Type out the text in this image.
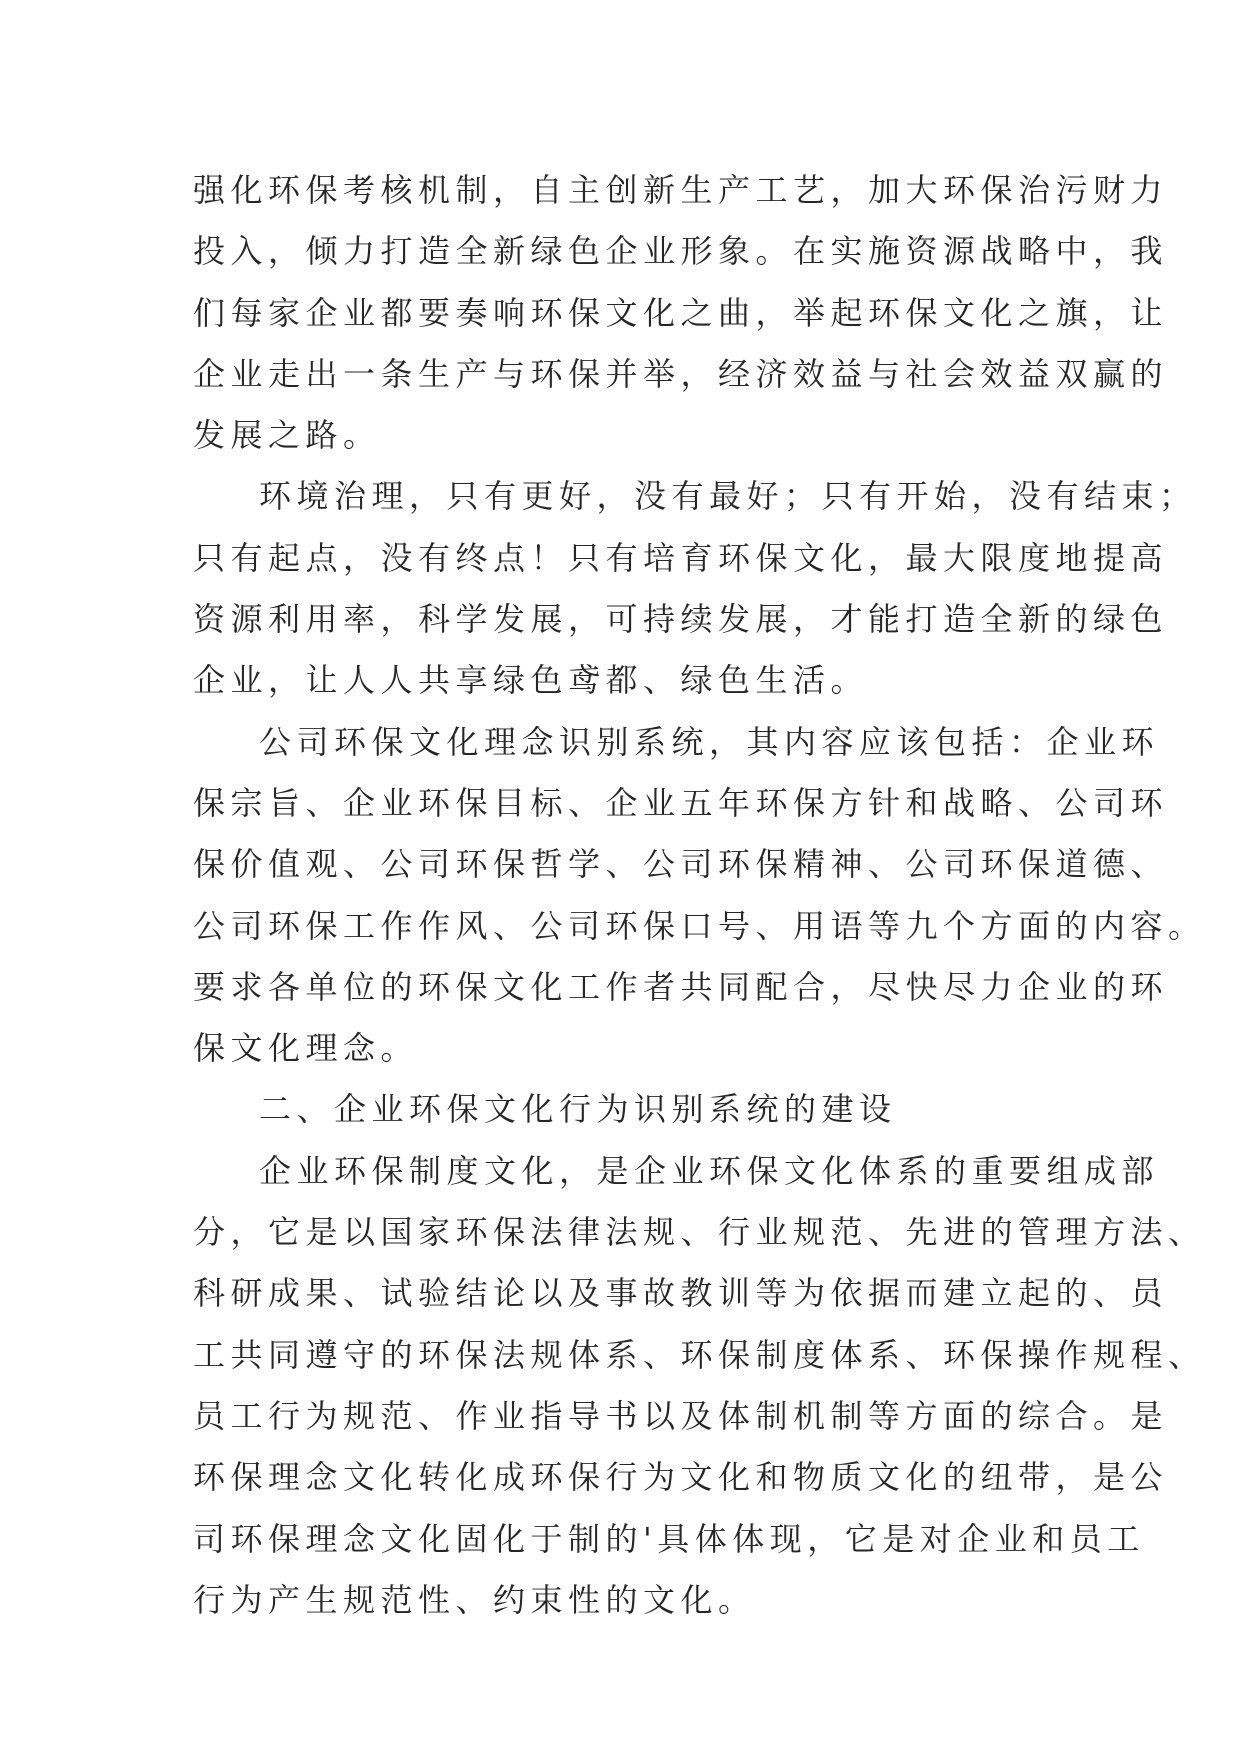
强化环保考核机制，自主创新生产工艺，加大环保治污财力
投入，倾力打造全新绿色企业形象。在实施资源战略中，我
们每家企业都要奏响环保文化之曲，举起环保文化之旗，让
企业走出一条生产与环保并举，经济效益与社会效益双赢的
发展之路。
环境治理，只有更好，没有最好；只有开始，没有结束；
只有起点，没有终点！只有培育环保文化，最大限度地提高
资源利用率，科学发展，可持续发展，才能打造全新的绿色
企业，让人人共享绿色鸢都、绿色生活。
公司环保文化理念识别系统，其内容应该包括：企业环
保宗旨、企业环保目标、企业五年环保方针和战略、公司环
保价值观、公司环保哲学、公司环保精神、公司环保道德、
公司环保工作作风、公司环保口号、用语等九个方面的内容。
要求各单位的环保文化工作者共同配合，尽快尽力企业的环
保文化理念。
二、企业环保文化行为识别系统的建设
企业环保制度文化，是企业环保文化体系的重要组成部
分，它是以国家环保法律法规、行业规范、先进的管理方法、
科研成果、试验结论以及事故教训等为依据而建立起的、员
工共同遵守的环保法规体系、环保制度体系、环保操作规程、
员工行为规范、作业指导书以及体制机制等方面的综合。是
环保理念文化转化成环保行为文化和物质文化的纽带，是公
司环保理念文化固化于制的'具体体现，它是对企业和员工
行为产生规范性、约束性的文化。
